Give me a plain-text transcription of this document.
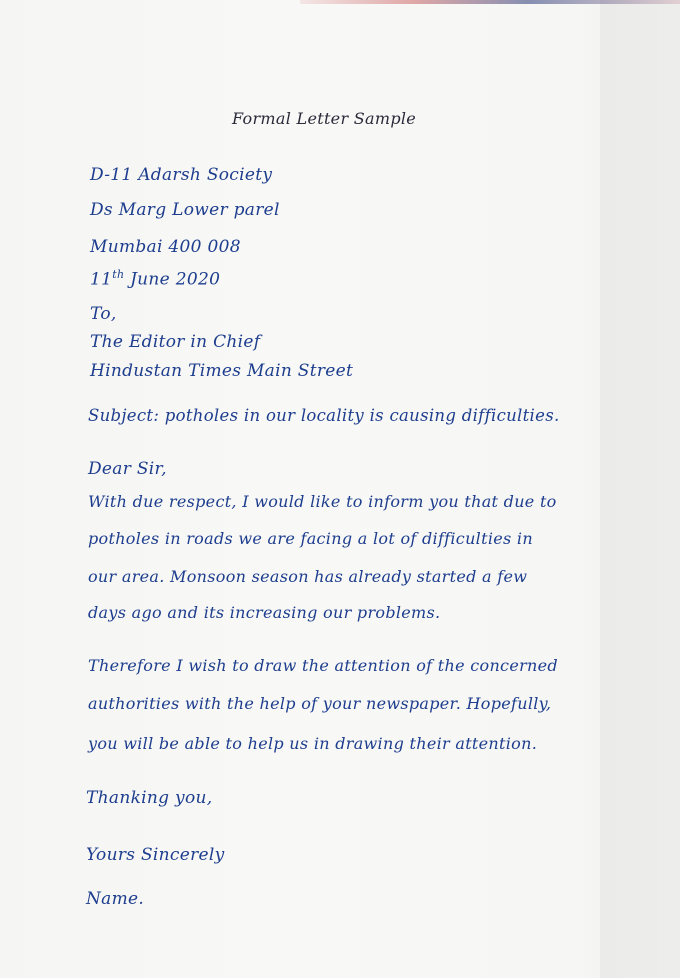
Formal Letter Sample
D-11 Adarsh Society
Ds Marg Lower parel
Mumbai 400 008
11th June 2020
To,
The Editor in Chief
Hindustan Times Main Street
Subject: potholes in our locality is causing difficulties.
Dear Sir,
With due respect, I would like to inform you that due to
potholes in roads we are facing a lot of difficulties in
our area. Monsoon season has already started a few
days ago and its increasing our problems.
Therefore I wish to draw the attention of the concerned
authorities with the help of your newspaper. Hopefully,
you will be able to help us in drawing their attention.
Thanking you,
Yours Sincerely
Name.
